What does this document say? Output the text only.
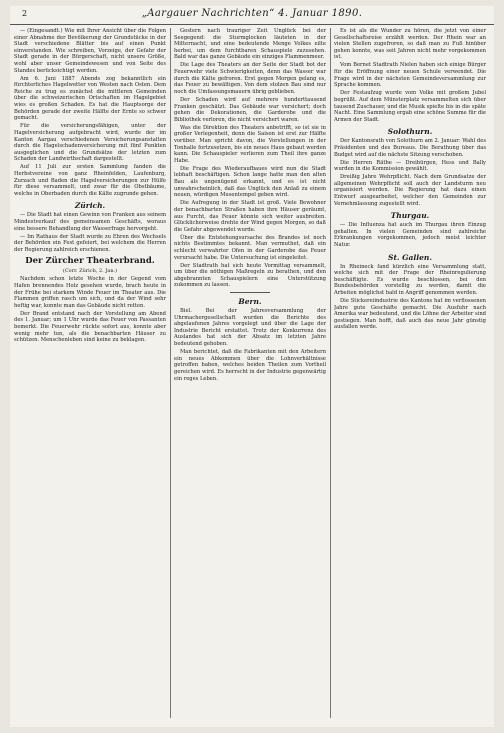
2	„Aargauer Nachrichten“ 4. Januar 1890.

— (Eingesandt.) Wie mit Ihrer Ansicht über die Folgen einer Abnahme der Bevölkerung der Grundstücke in der Stadt verschiedene Blätter bis auf einen Punkt einverstanden. Wie schreiben, Vorzeige, der Gefahr der Stadt gerade in der Bürgerschaft, nicht unsere Größe, wohl aber unser Gemeindewesen und von Seite des Standes berücksichtigt werden.

Am 6. Juni 1887 Abends zog bekanntlich ein fürchterliches Hagelwetter von Westen nach Osten. Dem Reiche zu trug es zunächst die mittleren Gemeinden über die schweizerischen Ortschaften im Hagelgebiet wies es großen Schaden. Es hat die Hauptsorge der Behörden gerade der zweite Hälfte der Ernte so schwer gemacht.

Für die versicherungsfähigen, unter der Hagelversicherung aufgebracht wird, wurde der im Kanton Aargau verschiedenen Versicherungsanstalten durch die Hagelschadenversicherung mit fünf Punkten ausgeglichen und die Grundsätze der letzten zum Schaden der Landwirthschaft dargestellt.

Auf 11 Juli zur ersten Sammlung fanden die Herbstvereine von ganz Rheinfelden, Laufenburg, Zurzach und Baden die Hagelversicherungen zur Hülfe für diese versammelt, und zwar für die Obstbäume, welche in Oberbaden durch die Kälte zugrunde gehen.

Zürich.

— Die Stadt hat einen Gewinn von Franken aus seinem Mindestverkauf des gemeinsamen Geschäfts, woraus eine bessere Behandlung der Wasserfrage hervorgeht.

— Im Rathaus der Stadt wurde zu Ehren des Wechsels der Behörden ein Fest gefeiert, bei welchem die Herren der Regierung zahlreich erschienen.

Der Zürcher Theaterbrand.
(Corr. Zürich, 2. Jan.)

Nachdem schon letzte Woche in der Gegend vom Hafen brennendes Holz gesehen wurde, brach heute in der Frühe bei starkem Winde Feuer im Theater aus. Die Flammen griffen rasch um sich, und da der Wind sehr heftig war, konnte man das Gebäude nicht retten.

Der Brand entstand nach der Vorstellung am Abend des 1. Januar; um 1 Uhr wurde das Feuer von Passanten bemerkt. Die Feuerwehr rückte sofort aus, konnte aber wenig mehr tun, als die benachbarten Häuser zu schützen. Menschenleben sind keine zu beklagen.

Gestern nach trauriger Zeit Unglück bei der Seegegend: die Sturmglocken läuteten in der Mitternacht, und eine bedeutende Menge Volkes eilte herbei, um dem furchtbaren Schauspiele zuzusehen. Bald war das ganze Gebäude ein einziges Flammenmeer.

Die Lage des Theaters an der Seite der Stadt bot der Feuerwehr viele Schwierigkeiten, denn das Wasser war durch die Kälte gefroren. Erst gegen Morgen gelang es, das Feuer zu bewältigen. Von dem stolzen Bau sind nur noch die Umfassungsmauern übrig geblieben.

Der Schaden wird auf mehrere hunderttausend Franken geschätzt. Das Gebäude war versichert; doch gehen die Dekorationen, die Garderobe und die Bibliothek verloren, die nicht versichert waren.

Was die Direktion des Theaters anbetrifft, so ist sie in großer Verlegenheit, denn die Saison ist erst zur Hälfte vorüber. Man spricht davon, die Vorstellungen in der Tonhalle fortzusetzen, bis ein neues Haus gebaut werden kann. Die Schauspieler verlieren zum Theil ihre ganze Habe.

Die Frage des Wiederaufbaues wird nun die Stadt lebhaft beschäftigen. Schon lange hatte man den alten Bau als ungenügend erkannt, und es ist nicht unwahrscheinlich, daß das Unglück den Anlaß zu einem neuen, würdigen Musentempel geben wird.

Die Aufregung in der Stadt ist groß. Viele Bewohner der benachbarten Straßen haben ihre Häuser geräumt, aus Furcht, das Feuer könnte sich weiter ausbreiten. Glücklicherweise drehte der Wind gegen Morgen, so daß die Gefahr abgewendet wurde.

Über die Entstehungsursache des Brandes ist noch nichts Bestimmtes bekannt. Man vermuthet, daß ein schlecht verwahrter Ofen in der Garderobe das Feuer verursacht habe. Die Untersuchung ist eingeleitet.

Der Stadtrath hat sich heute Vormittag versammelt, um über die nöthigen Maßregeln zu berathen, und den abgebrannten Schauspielern eine Unterstützung zukommen zu lassen.

Bern.

Biel. Bei der Jahresversammlung der Uhrmachergesellschaft wurden die Berichte des abgelaufenen Jahres vorgelegt und über die Lage der Industrie Bericht erstattet. Trotz der Konkurrenz des Auslandes hat sich der Absatz im letzten Jahre bedeutend gehoben.

Man berichtet, daß die Fabrikanten mit den Arbeitern ein neues Abkommen über die Lohnverhältnisse getroffen haben, welches beiden Theilen zum Vortheil gereichen wird. Es herrscht in der Industrie gegenwärtig ein reges Leben.

Es ist als die Wunder zu hören, die jetzt von einer Gesellschaftsreise erzählt werden. Der Rhein war an vielen Stellen zugefroren, so daß man zu Fuß hinüber gehen konnte, was seit Jahren nicht mehr vorgekommen ist.

Vom Bernet Stadtrath Nielen haben sich einige Bürger für die Eröffnung einer neuen Schule verwendet. Die Frage wird in der nächsten Gemeindeversammlung zur Sprache kommen.

Der Festaufzug wurde vom Volke mit großem Jubel begrüßt. Auf dem Münsterplatz versammelten sich über tausend Zuschauer, und die Musik spielte bis in die späte Nacht. Eine Sammlung ergab eine schöne Summe für die Armen der Stadt.

Solothurn.

Der Kantonsrath von Solothurn am 2. Januar: Wahl des Präsidenten und des Bureaus. Die Berathung über das Budget wird auf die nächste Sitzung verschoben.

Die Herren Räthe — Dreibürgen, Hess und Bally wurden in die Kommission gewählt.

Dreißig Jahre Wehrpflicht. Nach dem Grundsatze der allgemeinen Wehrpflicht soll auch der Landsturm neu organisiert werden. Die Regierung hat dazu einen Entwurf ausgearbeitet, welcher den Gemeinden zur Vernehmlassung zugestellt wird.

Thurgau.

— Die Influenza hat auch im Thurgau ihren Einzug gehalten. In vielen Gemeinden sind zahlreiche Erkrankungen vorgekommen, jedoch meist leichter Natur.

St. Gallen.

In Rheineck fand kürzlich eine Versammlung statt, welche sich mit der Frage der Rheinregulierung beschäftigte. Es wurde beschlossen, bei den Bundesbehörden vorstellig zu werden, damit die Arbeiten möglichst bald in Angriff genommen werden.

Die Stickereiindustrie des Kantons hat im verflossenen Jahre gute Geschäfte gemacht. Die Ausfuhr nach Amerika war bedeutend, und die Löhne der Arbeiter sind gestiegen. Man hofft, daß auch das neue Jahr günstig ausfallen werde.
